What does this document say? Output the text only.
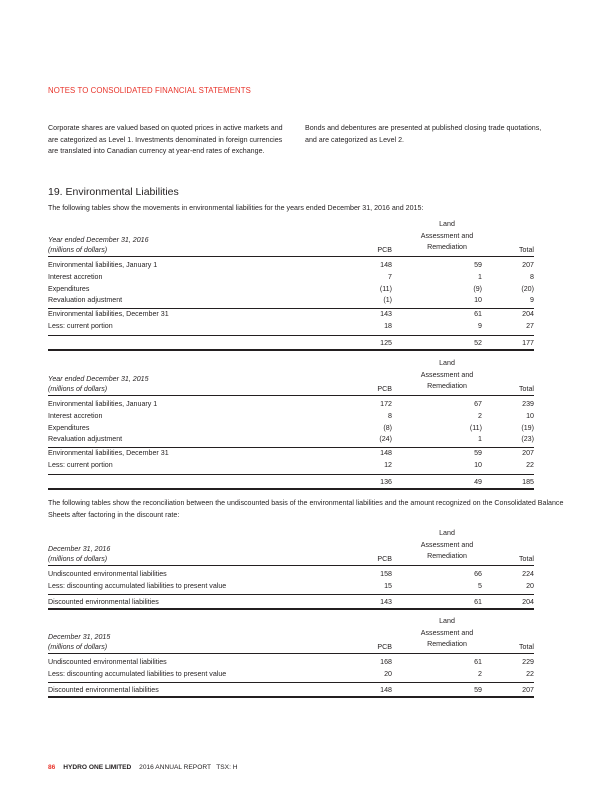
NOTES TO CONSOLIDATED FINANCIAL STATEMENTS
Corporate shares are valued based on quoted prices in active markets and are categorized as Level 1. Investments denominated in foreign currencies are translated into Canadian currency at year-end rates of exchange.
Bonds and debentures are presented at published closing trade quotations, and are categorized as Level 2.
19. Environmental Liabilities
The following tables show the movements in environmental liabilities for the years ended December 31, 2016 and 2015:
Year ended December 31, 2016
(millions of dollars)	PCB
Land
Assessment and
Remediation	Total
Environmental liabilities, January 1	148	59	207
Interest accretion	7	1	8
Expenditures	(11)	(9)	(20)
Revaluation adjustment	(1)	10	9
Environmental liabilities, December 31	143	61	204
Less: current portion	18	9	27
125	52	177
Year ended December 31, 2015
(millions of dollars)	PCB
Land
Assessment and
Remediation	Total
Environmental liabilities, January 1	172	67	239
Interest accretion	8	2	10
Expenditures	(8)	(11)	(19)
Revaluation adjustment	(24)	1	(23)
Environmental liabilities, December 31	148	59	207
Less: current portion	12	10	22
136	49	185
The following tables show the reconciliation between the undiscounted basis of the environmental liabilities and the amount recognized on the Consolidated Balance Sheets after factoring in the discount rate:
December 31, 2016
(millions of dollars)	PCB
Land
Assessment and
Remediation	Total
Undiscounted environmental liabilities	158	66	224
Less: discounting accumulated liabilities to present value	15	5	20
Discounted environmental liabilities	143	61	204
December 31, 2015
(millions of dollars)	PCB
Land
Assessment and
Remediation	Total
Undiscounted environmental liabilities	168	61	229
Less: discounting accumulated liabilities to present value	20	2	22
Discounted environmental liabilities	148	59	207
86 HYDRO ONE LIMITED 2016 ANNUAL REPORT   TSX: H
